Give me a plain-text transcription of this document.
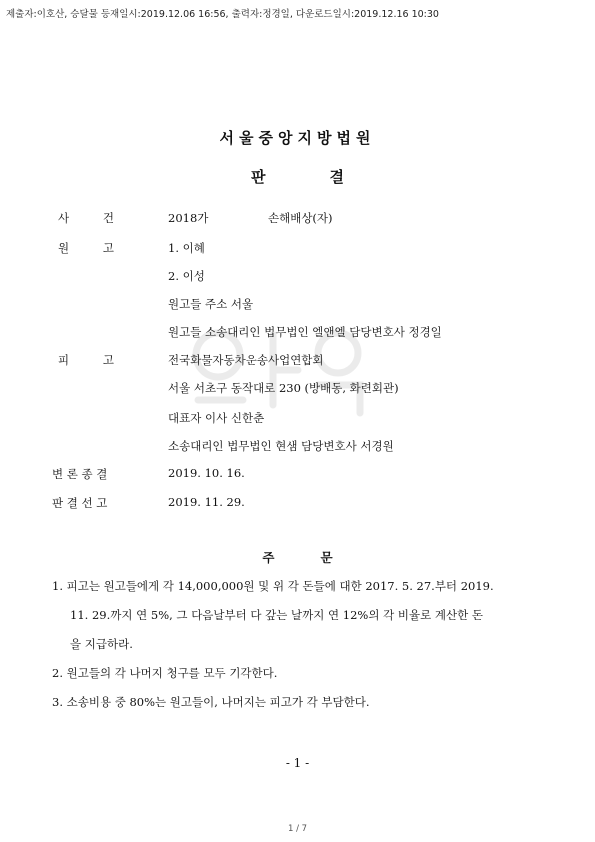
제출자:이호산, 승달물 등재일시:2019.12.06 16:56, 출력자:정경일, 다운로드일시:2019.12.16 10:30
서울중앙지방법원
판	결
사	건	2018가	손해배상(자)
원	고	1. 이혜
2. 이성
원고들 주소 서울
원고들 소송대리인 법무법인 엘앤엘 담당변호사 정경일
피	고	전국화물자동차운송사업연합회
서울 서초구 동작대로 230 (방배동, 화련회관)
대표자 이사 신한춘
소송대리인 법무법인 현샘 담당변호사 서경원
변 론 종 결	2019. 10. 16.
판 결 선 고	2019. 11. 29.
주	문
1. 피고는 원고들에게 각 14,000,000원 및 위 각 돈들에 대한 2017. 5. 27.부터 2019.
11. 29.까지 연 5%, 그 다음날부터 다 갚는 날까지 연 12%의 각 비율로 계산한 돈
을 지급하라.
2. 원고들의 각 나머지 청구를 모두 기각한다.
3. 소송비용 중 80%는 원고들이, 나머지는 피고가 각 부담한다.
- 1 -
1 / 7
